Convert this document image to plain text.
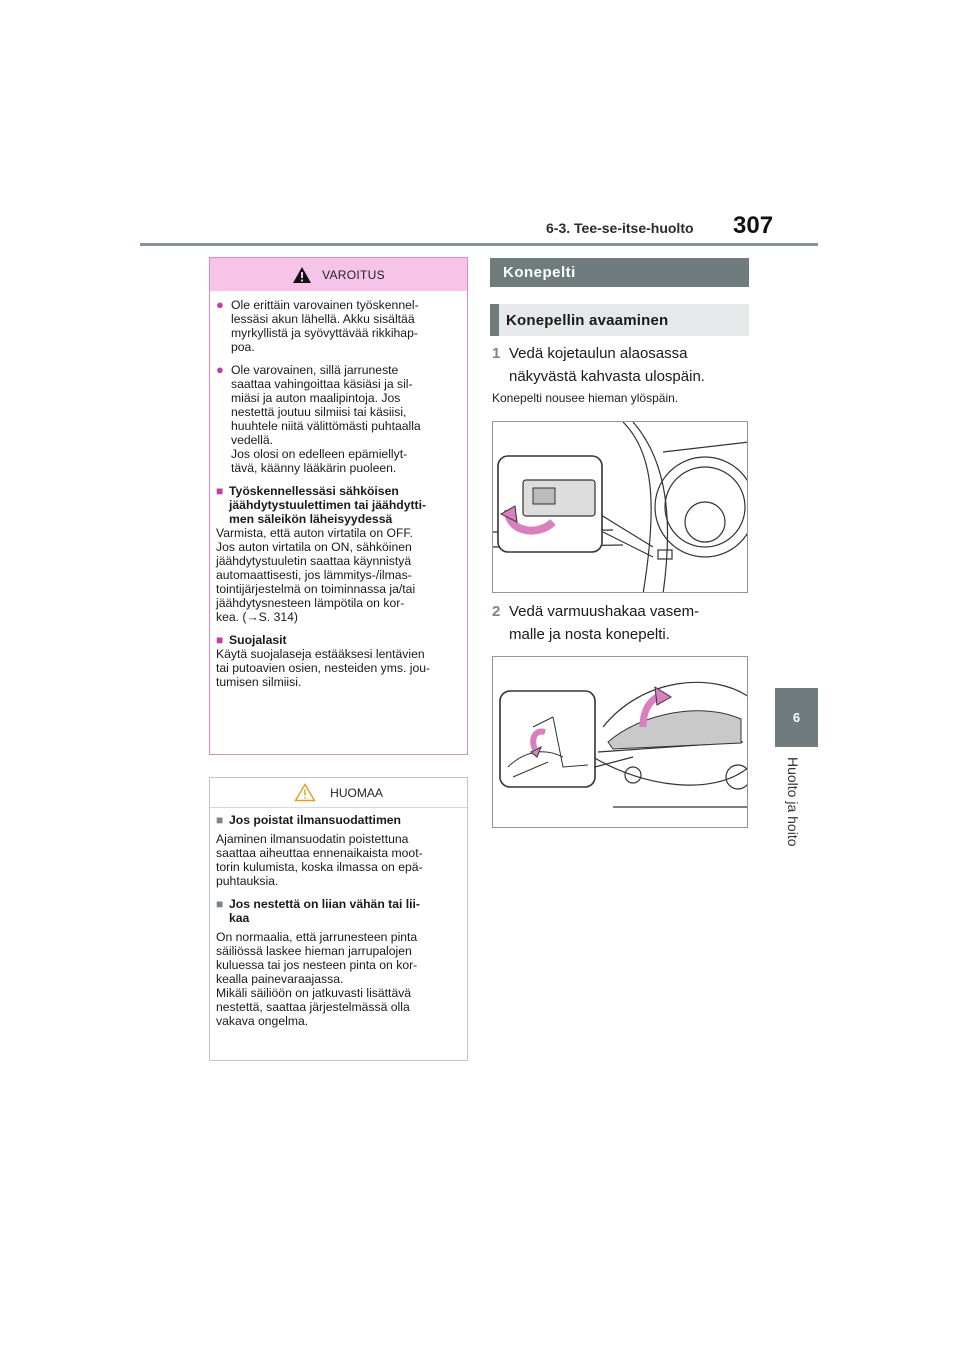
6-3. Tee-se-itse-huolto 307
6
Huolto ja hoito
VAROITUS
● Ole erittäin varovainen työskennel-
lessäsi akun lähellä. Akku sisältää
myrkyllistä ja syövyttävää rikkihap-
poa.
● Ole varovainen, sillä jarruneste
saattaa vahingoittaa käsiäsi ja sil-
miäsi ja auton maalipintoja. Jos
nestettä joutuu silmiisi tai käsiisi,
huuhtele niitä välittömästi puhtaalla
vedellä.
Jos olosi on edelleen epämiellyt-
tävä, käänny lääkärin puoleen.
■ Työskennellessäsi sähköisen
jäähdytystuulettimen tai jäähdytti-
men säleikön läheisyydessä
Varmista, että auton virtatila on OFF.
Jos auton virtatila on ON, sähköinen
jäähdytystuuletin saattaa käynnistyä
automaattisesti, jos lämmitys-/ilmas-
tointijärjestelmä on toiminnassa ja/tai
jäähdytysnesteen lämpötila on kor-
kea. (→S. 314)
■ Suojalasit
Käytä suojalaseja estääksesi lentävien
tai putoavien osien, nesteiden yms. jou-
tumisen silmiisi.
HUOMAA
■ Jos poistat ilmansuodattimen
Ajaminen ilmansuodatin poistettuna
saattaa aiheuttaa ennenaikaista moot-
torin kulumista, koska ilmassa on epä-
puhtauksia.
■ Jos nestettä on liian vähän tai lii-
kaa
On normaalia, että jarrunesteen pinta
säiliössä laskee hieman jarrupalojen
kuluessa tai jos nesteen pinta on kor-
kealla painevaraajassa.
Mikäli säiliöön on jatkuvasti lisättävä
nestettä, saattaa järjestelmässä olla
vakava ongelma.
Konepelti
Konepellin avaaminen
1 Vedä kojetaulun alaosassa
näkyvästä kahvasta ulospäin.
Konepelti nousee hieman ylöspäin.
2 Vedä varmuushakaa vasem-
malle ja nosta konepelti.
